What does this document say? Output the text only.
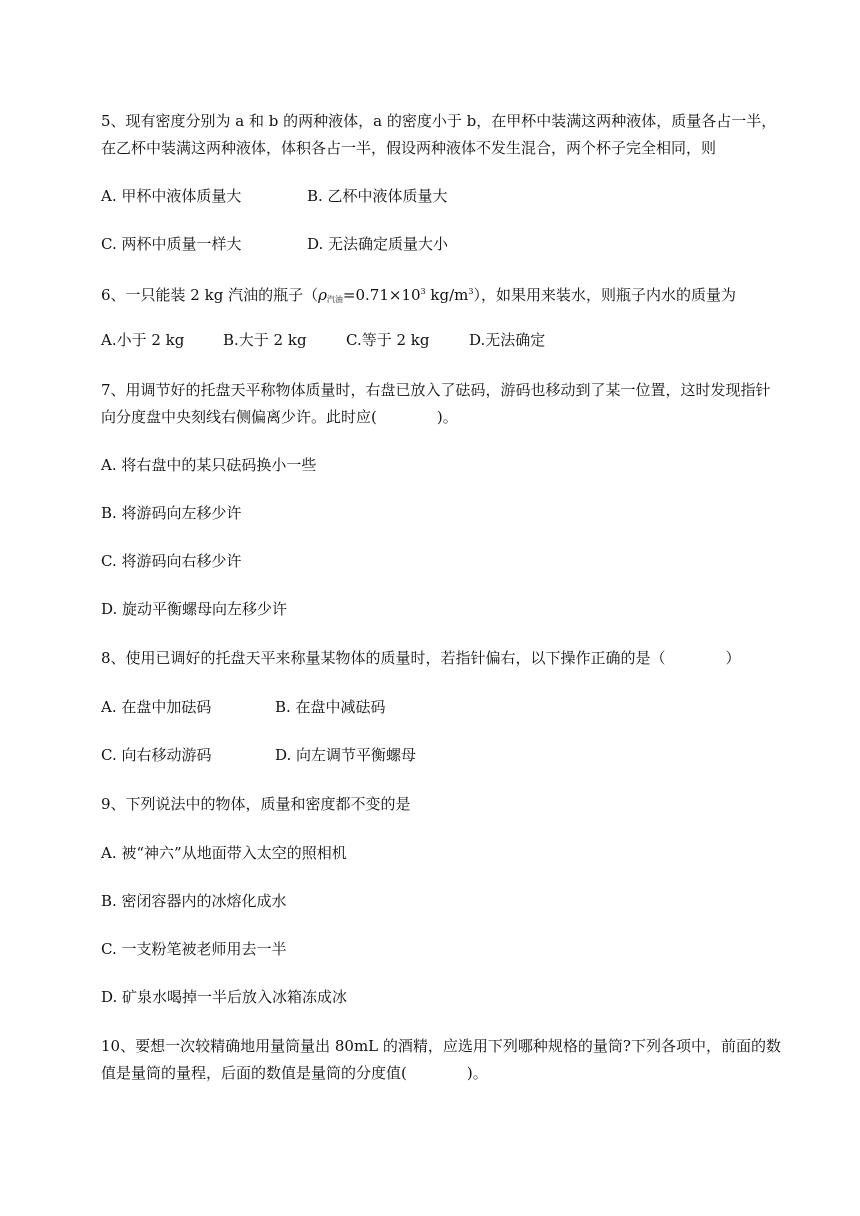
5、现有密度分别为 a 和 b 的两种液体，a 的密度小于 b，在甲杯中装满这两种液体，质量各占一半，
在乙杯中装满这两种液体，体积各占一半，假设两种液体不发生混合，两个杯子完全相同，则
A. 甲杯中液体质量大	B. 乙杯中液体质量大
C. 两杯中质量一样大	D. 无法确定质量大小
6、一只能装 2 kg 汽油的瓶子（$\rho_{汽油}=0.71\times 10^3$ $kg/m^3$），如果用来装水，则瓶子内水的质量为
A.小于 2 kg	B.大于 2 kg	C.等于 2 kg	D.无法确定
7、用调节好的托盘天平称物体质量时，右盘已放入了砝码，游码也移动到了某一位置，这时发现指针
向分度盘中央刻线右侧偏离少许。此时应(　　　　)。
A. 将右盘中的某只砝码换小一些
B. 将游码向左移少许
C. 将游码向右移少许
D. 旋动平衡螺母向左移少许
8、使用已调好的托盘天平来称量某物体的质量时，若指针偏右，以下操作正确的是（　　　　）
A. 在盘中加砝码	B. 在盘中减砝码
C. 向右移动游码	D. 向左调节平衡螺母
9、下列说法中的物体，质量和密度都不变的是
A. 被“神六”从地面带入太空的照相机
B. 密闭容器内的冰熔化成水
C. 一支粉笔被老师用去一半
D. 矿泉水喝掉一半后放入冰箱冻成冰
10、要想一次较精确地用量筒量出 80mL 的酒精，应选用下列哪种规格的量筒?下列各项中，前面的数
值是量筒的量程，后面的数值是量筒的分度值(　　　　)。
